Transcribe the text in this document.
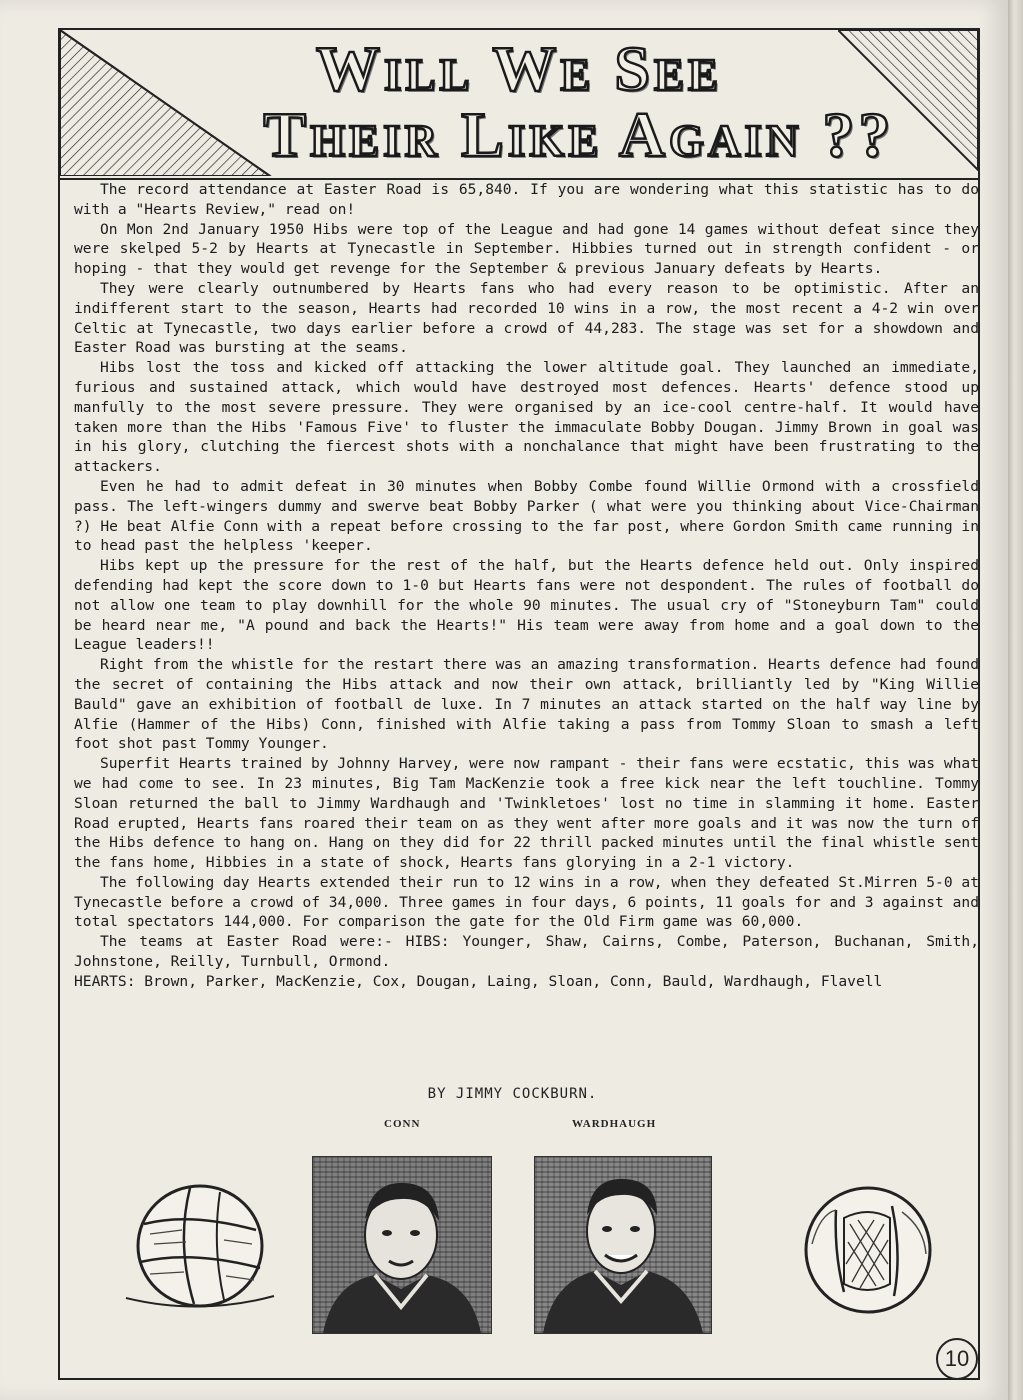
Will We See
Their Like Again ??

The record attendance at Easter Road is 65,840. If you are wondering what this statistic has to do with a "Hearts Review," read on!

On Mon 2nd January 1950 Hibs were top of the League and had gone 14 games without defeat since they were skelped 5-2 by Hearts at Tynecastle in September. Hibbies turned out in strength confident - or hoping - that they would get revenge for the September & previous January defeats by Hearts.

They were clearly outnumbered by Hearts fans who had every reason to be optimistic. After an indifferent start to the season, Hearts had recorded 10 wins in a row, the most recent a 4-2 win over Celtic at Tynecastle, two days earlier before a crowd of 44,283. The stage was set for a showdown and Easter Road was bursting at the seams.

Hibs lost the toss and kicked off attacking the lower altitude goal. They launched an immediate, furious and sustained attack, which would have destroyed most defences. Hearts' defence stood up manfully to the most severe pressure. They were organised by an ice-cool centre-half. It would have taken more than the Hibs 'Famous Five' to fluster the immaculate Bobby Dougan. Jimmy Brown in goal was in his glory, clutching the fiercest shots with a nonchalance that might have been frustrating to the attackers.

Even he had to admit defeat in 30 minutes when Bobby Combe found Willie Ormond with a crossfield pass. The left-wingers dummy and swerve beat Bobby Parker ( what were you thinking about Vice-Chairman ?) He beat Alfie Conn with a repeat before crossing to the far post, where Gordon Smith came running in to head past the helpless 'keeper.

Hibs kept up the pressure for the rest of the half, but the Hearts defence held out. Only inspired defending had kept the score down to 1-0 but Hearts fans were not despondent. The rules of football do not allow one team to play downhill for the whole 90 minutes. The usual cry of "Stoneyburn Tam" could be heard near me, "A pound and back the Hearts!" His team were away from home and a goal down to the League leaders!!

Right from the whistle for the restart there was an amazing transformation. Hearts defence had found the secret of containing the Hibs attack and now their own attack, brilliantly led by "King Willie Bauld" gave an exhibition of football de luxe. In 7 minutes an attack started on the half way line by Alfie (Hammer of the Hibs) Conn, finished with Alfie taking a pass from Tommy Sloan to smash a left foot shot past Tommy Younger.

Superfit Hearts trained by Johnny Harvey, were now rampant - their fans were ecstatic, this was what we had come to see. In 23 minutes, Big Tam MacKenzie took a free kick near the left touchline. Tommy Sloan returned the ball to Jimmy Wardhaugh and 'Twinkletoes' lost no time in slamming it home. Easter Road erupted, Hearts fans roared their team on as they went after more goals and it was now the turn of the Hibs defence to hang on. Hang on they did for 22 thrill packed minutes until the final whistle sent the fans home, Hibbies in a state of shock, Hearts fans glorying in a 2-1 victory.

The following day Hearts extended their run to 12 wins in a row, when they defeated St.Mirren 5-0 at Tynecastle before a crowd of 34,000. Three games in four days, 6 points, 11 goals for and 3 against and total spectators 144,000. For comparison the gate for the Old Firm game was 60,000.

The teams at Easter Road were:- HIBS: Younger, Shaw, Cairns, Combe, Paterson, Buchanan, Smith, Johnstone, Reilly, Turnbull, Ormond.

HEARTS: Brown, Parker, MacKenzie, Cox, Dougan, Laing, Sloan, Conn, Bauld, Wardhaugh, Flavell

BY JIMMY COCKBURN.
CONN	WARDHAUGH
10
